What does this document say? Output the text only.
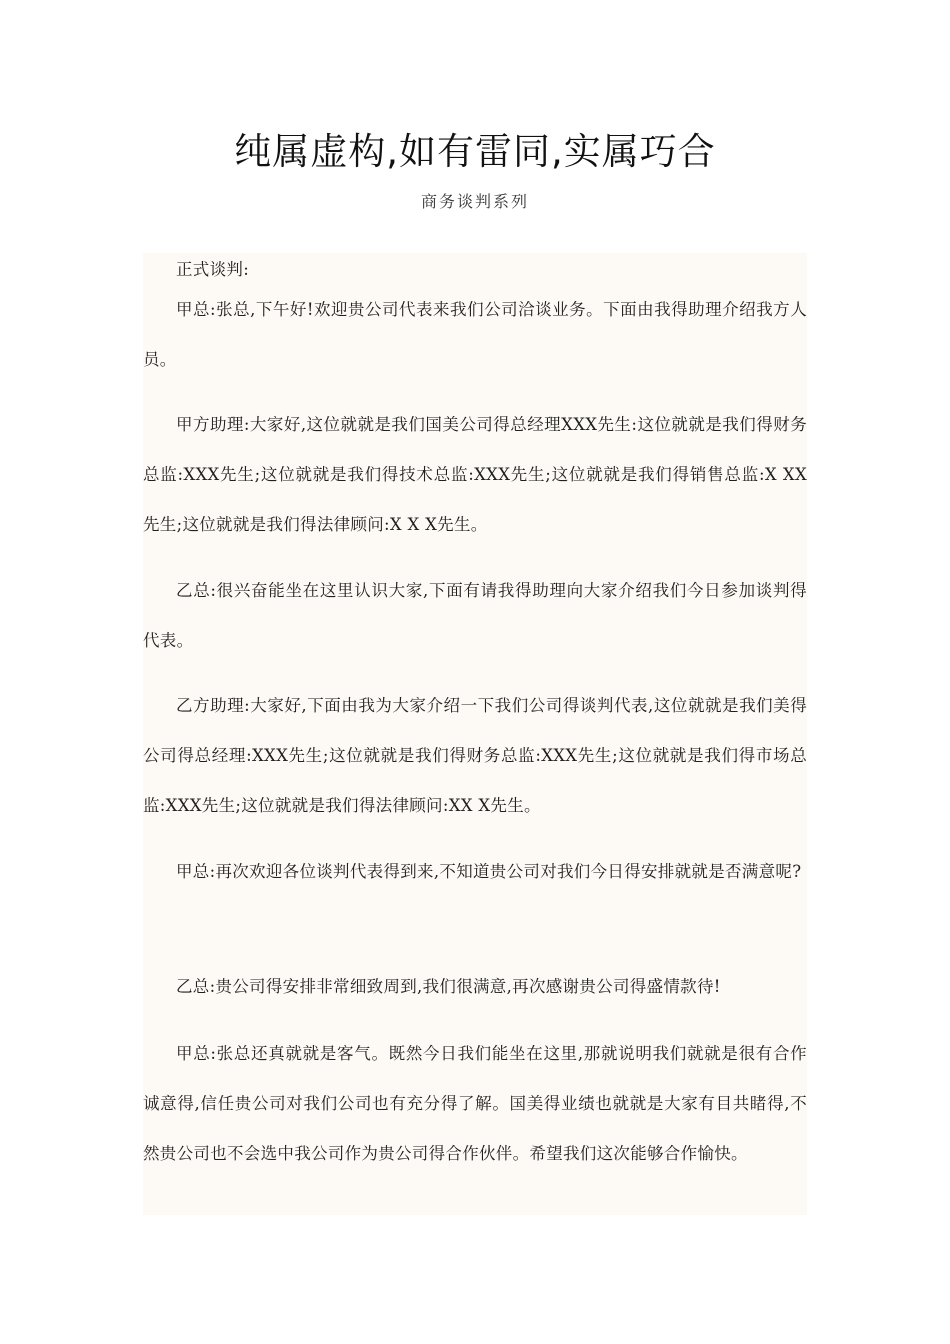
纯属虚构,如有雷同,实属巧合
商务谈判系列

正式谈判:

甲总:张总,下午好!欢迎贵公司代表来我们公司洽谈业务。下面由我得助理介绍我方人员。

甲方助理:大家好,这位就就是我们国美公司得总经理XXX先生:这位就就是我们得财务总监:XXX先生;这位就就是我们得技术总监:XXX先生;这位就就是我们得销售总监:X XX先生;这位就就是我们得法律顾问:X X X先生。

乙总:很兴奋能坐在这里认识大家,下面有请我得助理向大家介绍我们今日参加谈判得代表。

乙方助理:大家好,下面由我为大家介绍一下我们公司得谈判代表,这位就就是我们美得公司得总经理:XXX先生;这位就就是我们得财务总监:XXX先生;这位就就是我们得市场总监:XXX先生;这位就就是我们得法律顾问:XX X先生。

甲总:再次欢迎各位谈判代表得到来,不知道贵公司对我们今日得安排就就是否满意呢?

乙总:贵公司得安排非常细致周到,我们很满意,再次感谢贵公司得盛情款待!

甲总:张总还真就就是客气。既然今日我们能坐在这里,那就说明我们就就是很有合作诚意得,信任贵公司对我们公司也有充分得了解。国美得业绩也就就是大家有目共睹得,不然贵公司也不会选中我公司作为贵公司得合作伙伴。希望我们这次能够合作愉快。
